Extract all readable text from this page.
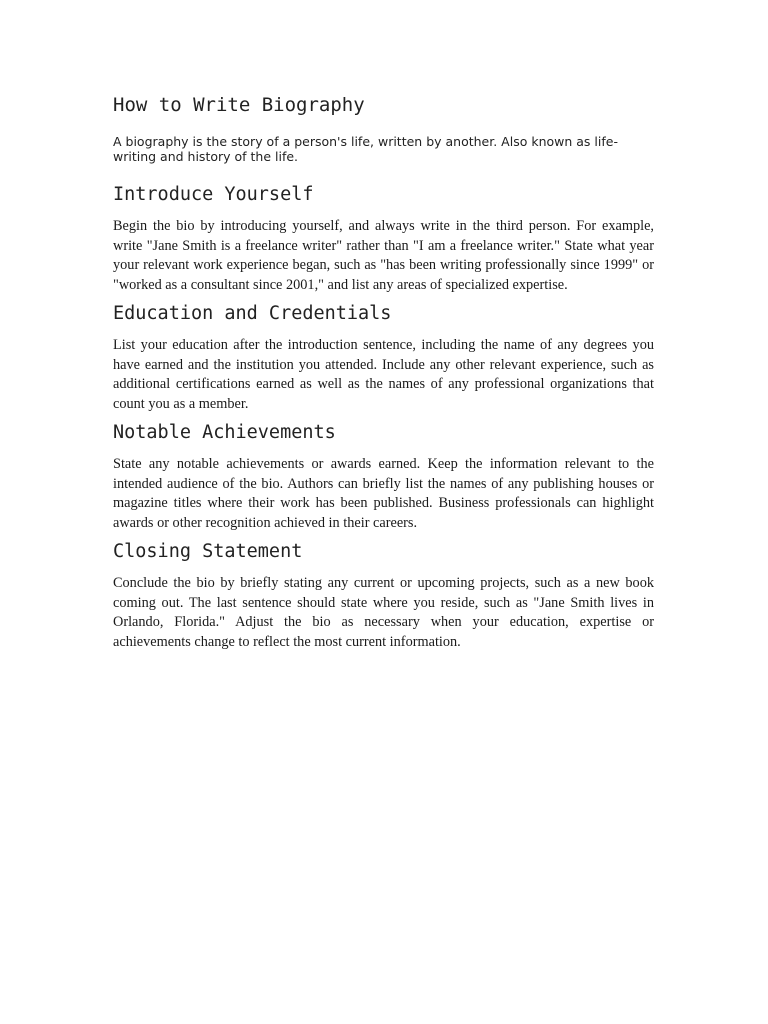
How to Write Biography

A biography is the story of a person's life, written by another. Also known as life-writing and history of the life.

Introduce Yourself

Begin the bio by introducing yourself, and always write in the third person. For example, write "Jane Smith is a freelance writer" rather than "I am a freelance writer." State what year your relevant work experience began, such as "has been writing professionally since 1999" or "worked as a consultant since 2001," and list any areas of specialized expertise.

Education and Credentials

List your education after the introduction sentence, including the name of any degrees you have earned and the institution you attended. Include any other relevant experience, such as additional certifications earned as well as the names of any professional organizations that count you as a member.

Notable Achievements

State any notable achievements or awards earned. Keep the information relevant to the intended audience of the bio. Authors can briefly list the names of any publishing houses or magazine titles where their work has been published. Business professionals can highlight awards or other recognition achieved in their careers.

Closing Statement

Conclude the bio by briefly stating any current or upcoming projects, such as a new book coming out. The last sentence should state where you reside, such as "Jane Smith lives in Orlando, Florida." Adjust the bio as necessary when your education, expertise or achievements change to reflect the most current information.
